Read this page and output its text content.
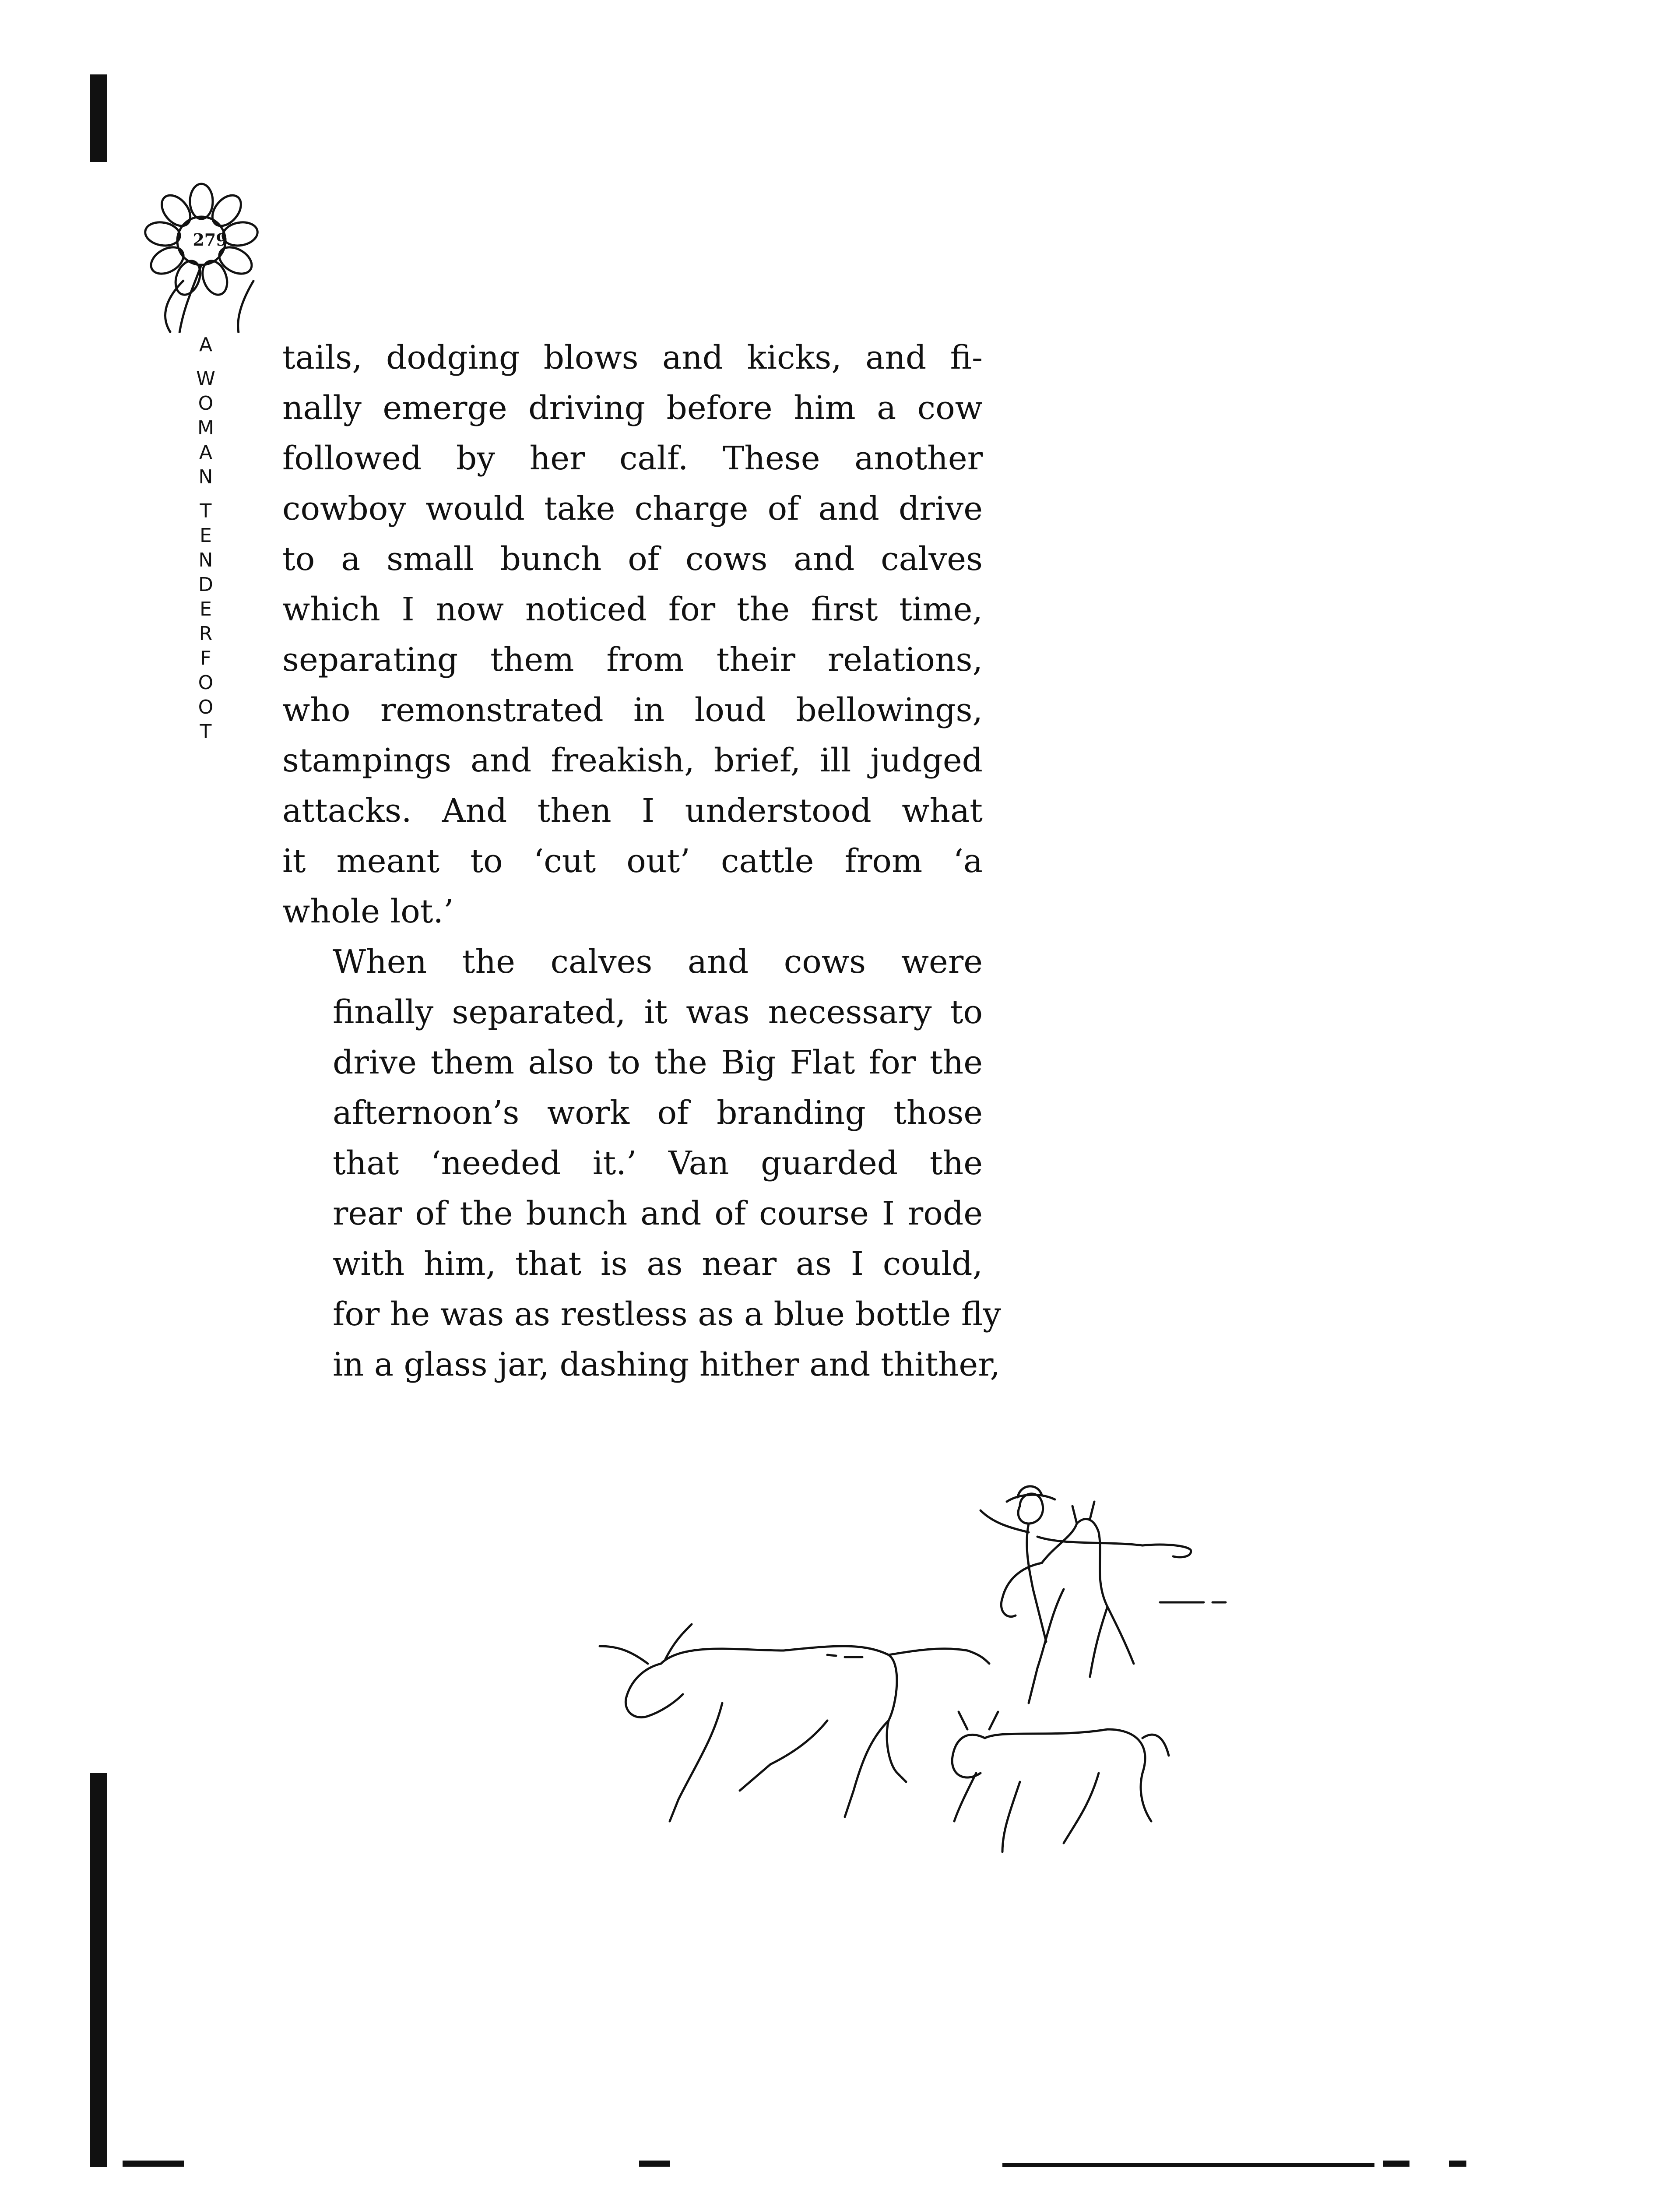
279
A
W
O
M
A
N
T
E
N
D
E
R
F
O
O
T

tails, dodging blows and kicks, and fi-
nally emerge driving before him a cow
followed by her calf. These another
cowboy would take charge of and drive
to a small bunch of cows and calves
which I now noticed for the first time,
separating them from their relations,
who remonstrated in loud bellowings,
stampings and freakish, brief, ill judged
attacks. And then I understood what
it meant to ‘cut out’ cattle from ‘a
whole lot.’

When the calves and cows were
finally separated, it was necessary to
drive them also to the Big Flat for the
afternoon’s work of branding those
that ‘needed it.’ Van guarded the
rear of the bunch and of course I rode
with him, that is as near as I could,
for he was as restless as a blue bottle fly
in a glass jar, dashing hither and thither,
